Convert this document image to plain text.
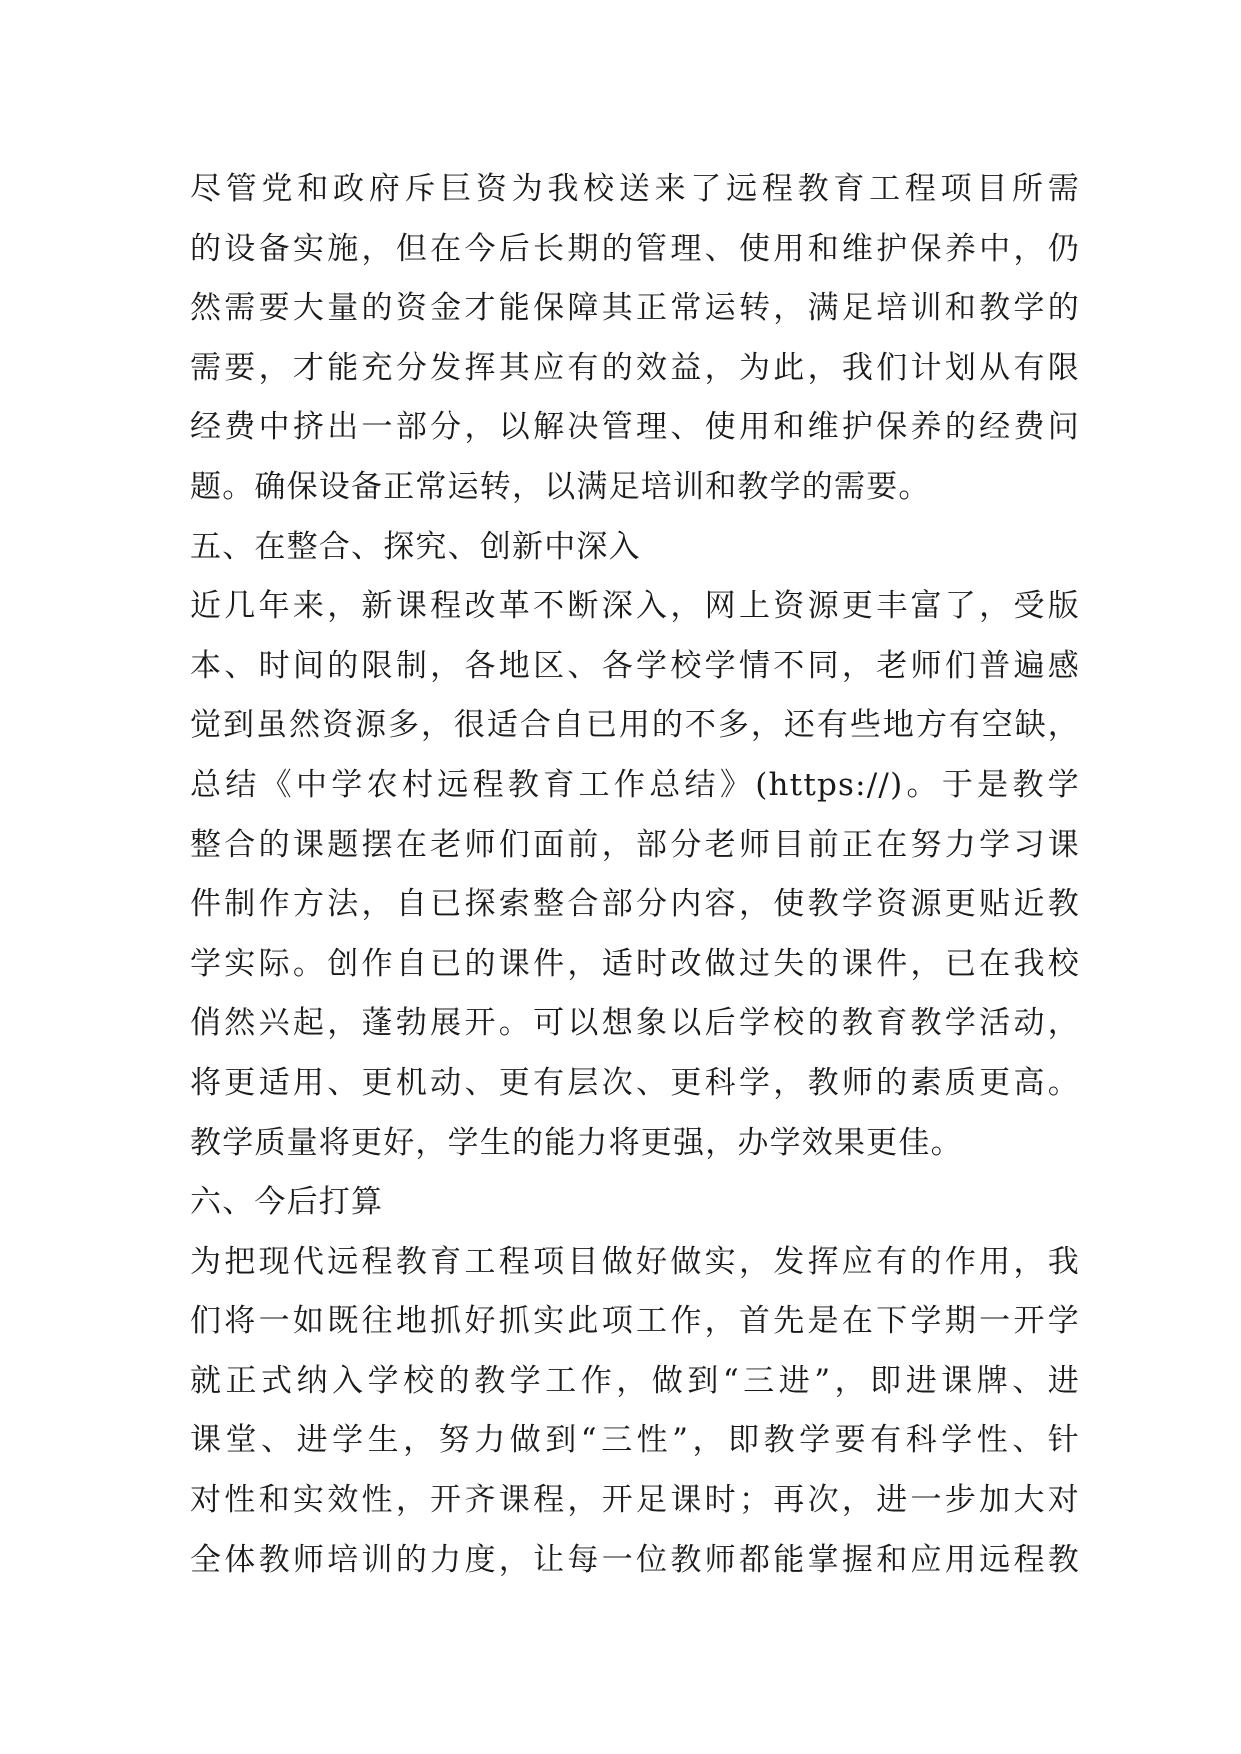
尽管党和政府斥巨资为我校送来了远程教育工程项目所需
的设备实施，但在今后长期的管理、使用和维护保养中，仍
然需要大量的资金才能保障其正常运转，满足培训和教学的
需要，才能充分发挥其应有的效益，为此，我们计划从有限
经费中挤出一部分，以解决管理、使用和维护保养的经费问
题。确保设备正常运转，以满足培训和教学的需要。
五、在整合、探究、创新中深入
近几年来，新课程改革不断深入，网上资源更丰富了，受版
本、时间的限制，各地区、各学校学情不同，老师们普遍感
觉到虽然资源多，很适合自已用的不多，还有些地方有空缺，
总结《中学农村远程教育工作总结》(https://)。于是教学
整合的课题摆在老师们面前，部分老师目前正在努力学习课
件制作方法，自已探索整合部分内容，使教学资源更贴近教
学实际。创作自已的课件，适时改做过失的课件，已在我校
俏然兴起，蓬勃展开。可以想象以后学校的教育教学活动，
将更适用、更机动、更有层次、更科学，教师的素质更高。
教学质量将更好，学生的能力将更强，办学效果更佳。
六、今后打算
为把现代远程教育工程项目做好做实，发挥应有的作用，我
们将一如既往地抓好抓实此项工作，首先是在下学期一开学
就正式纳入学校的教学工作，做到“三进”，即进课牌、进
课堂、进学生，努力做到“三性”，即教学要有科学性、针
对性和实效性，开齐课程，开足课时；再次，进一步加大对
全体教师培训的力度，让每一位教师都能掌握和应用远程教
